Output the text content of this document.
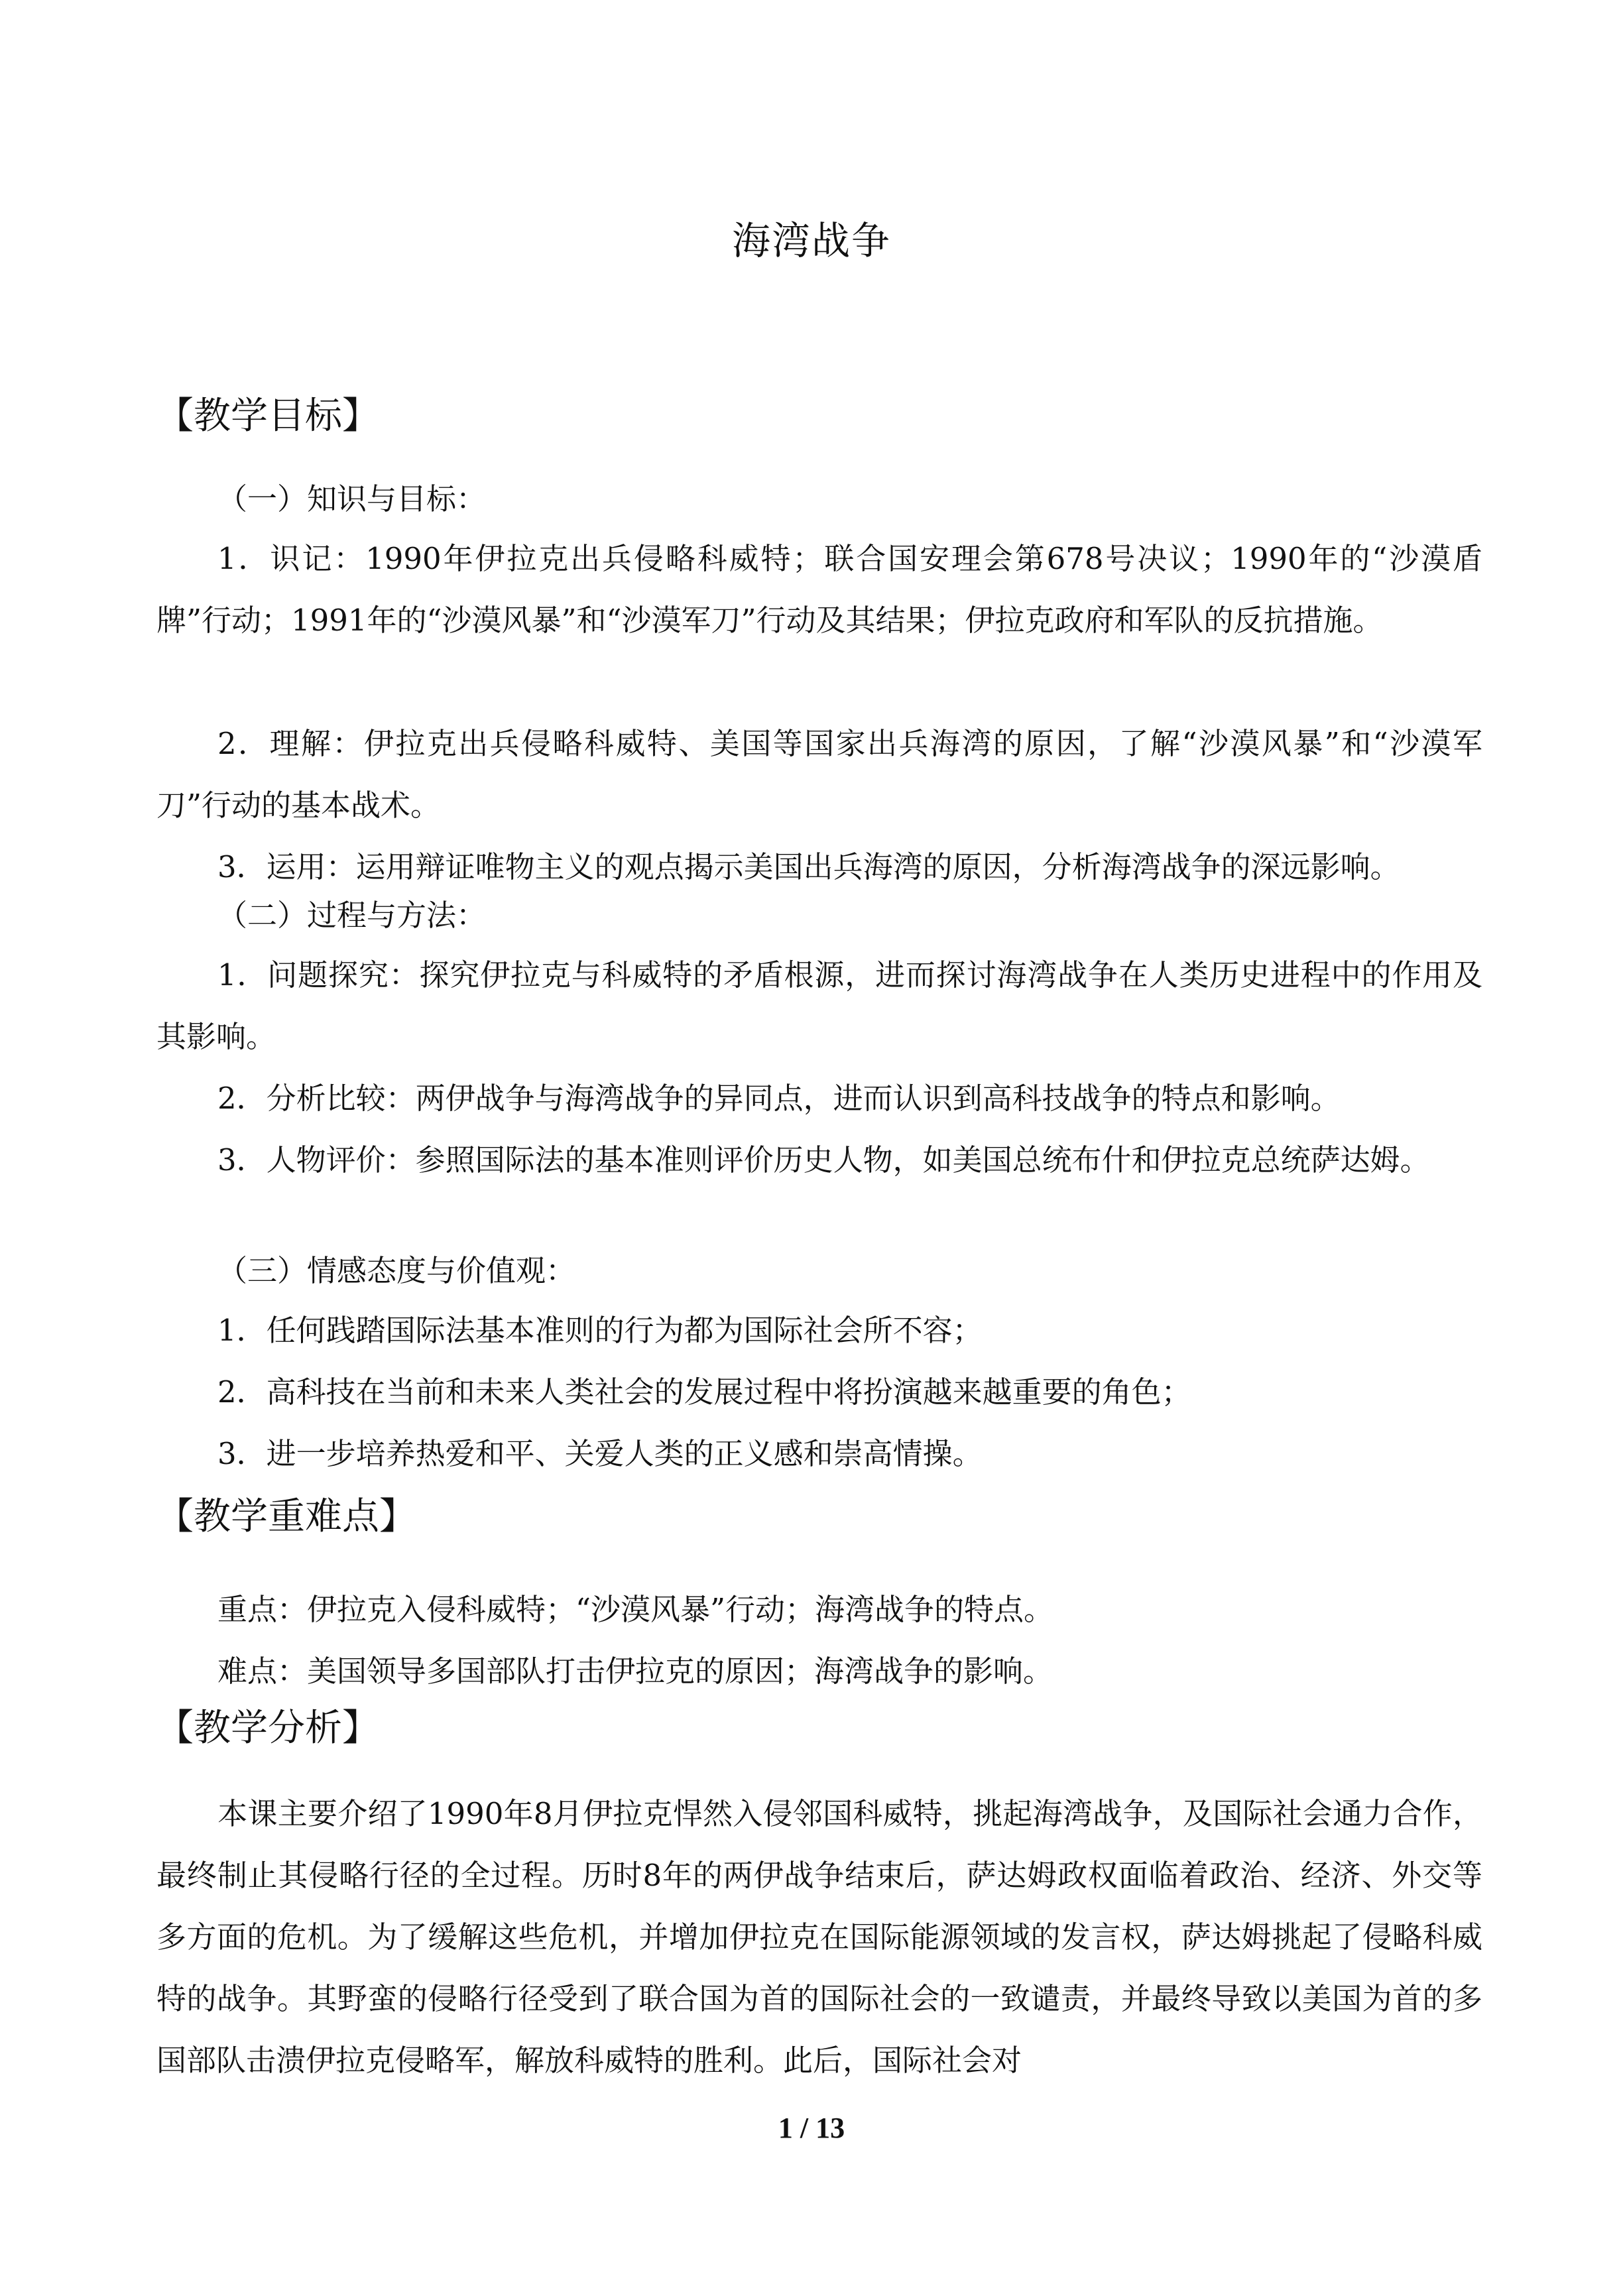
海湾战争
【教学目标】

（一）知识与目标：

1．识记：1990年伊拉克出兵侵略科威特；联合国安理会第678号决议；1990年的“沙漠盾牌”行动；1991年的“沙漠风暴”和“沙漠军刀”行动及其结果；伊拉克政府和军队的反抗措施。

2．理解：伊拉克出兵侵略科威特、美国等国家出兵海湾的原因，了解“沙漠风暴”和“沙漠军刀”行动的基本战术。

3．运用：运用辩证唯物主义的观点揭示美国出兵海湾的原因，分析海湾战争的深远影响。

（二）过程与方法：

1．问题探究：探究伊拉克与科威特的矛盾根源，进而探讨海湾战争在人类历史进程中的作用及其影响。

2．分析比较：两伊战争与海湾战争的异同点，进而认识到高科技战争的特点和影响。

3．人物评价：参照国际法的基本准则评价历史人物，如美国总统布什和伊拉克总统萨达姆。

（三）情感态度与价值观：

1．任何践踏国际法基本准则的行为都为国际社会所不容；

2．高科技在当前和未来人类社会的发展过程中将扮演越来越重要的角色；

3．进一步培养热爱和平、关爱人类的正义感和崇高情操。

【教学重难点】

重点：伊拉克入侵科威特；“沙漠风暴”行动；海湾战争的特点。

难点：美国领导多国部队打击伊拉克的原因；海湾战争的影响。

【教学分析】

本课主要介绍了1990年8月伊拉克悍然入侵邻国科威特，挑起海湾战争，及国际社会通力合作，最终制止其侵略行径的全过程。历时8年的两伊战争结束后，萨达姆政权面临着政治、经济、外交等多方面的危机。为了缓解这些危机，并增加伊拉克在国际能源领域的发言权，萨达姆挑起了侵略科威特的战争。其野蛮的侵略行径受到了联合国为首的国际社会的一致谴责，并最终导致以美国为首的多国部队击溃伊拉克侵略军，解放科威特的胜利。此后，国际社会对

1 / 13
